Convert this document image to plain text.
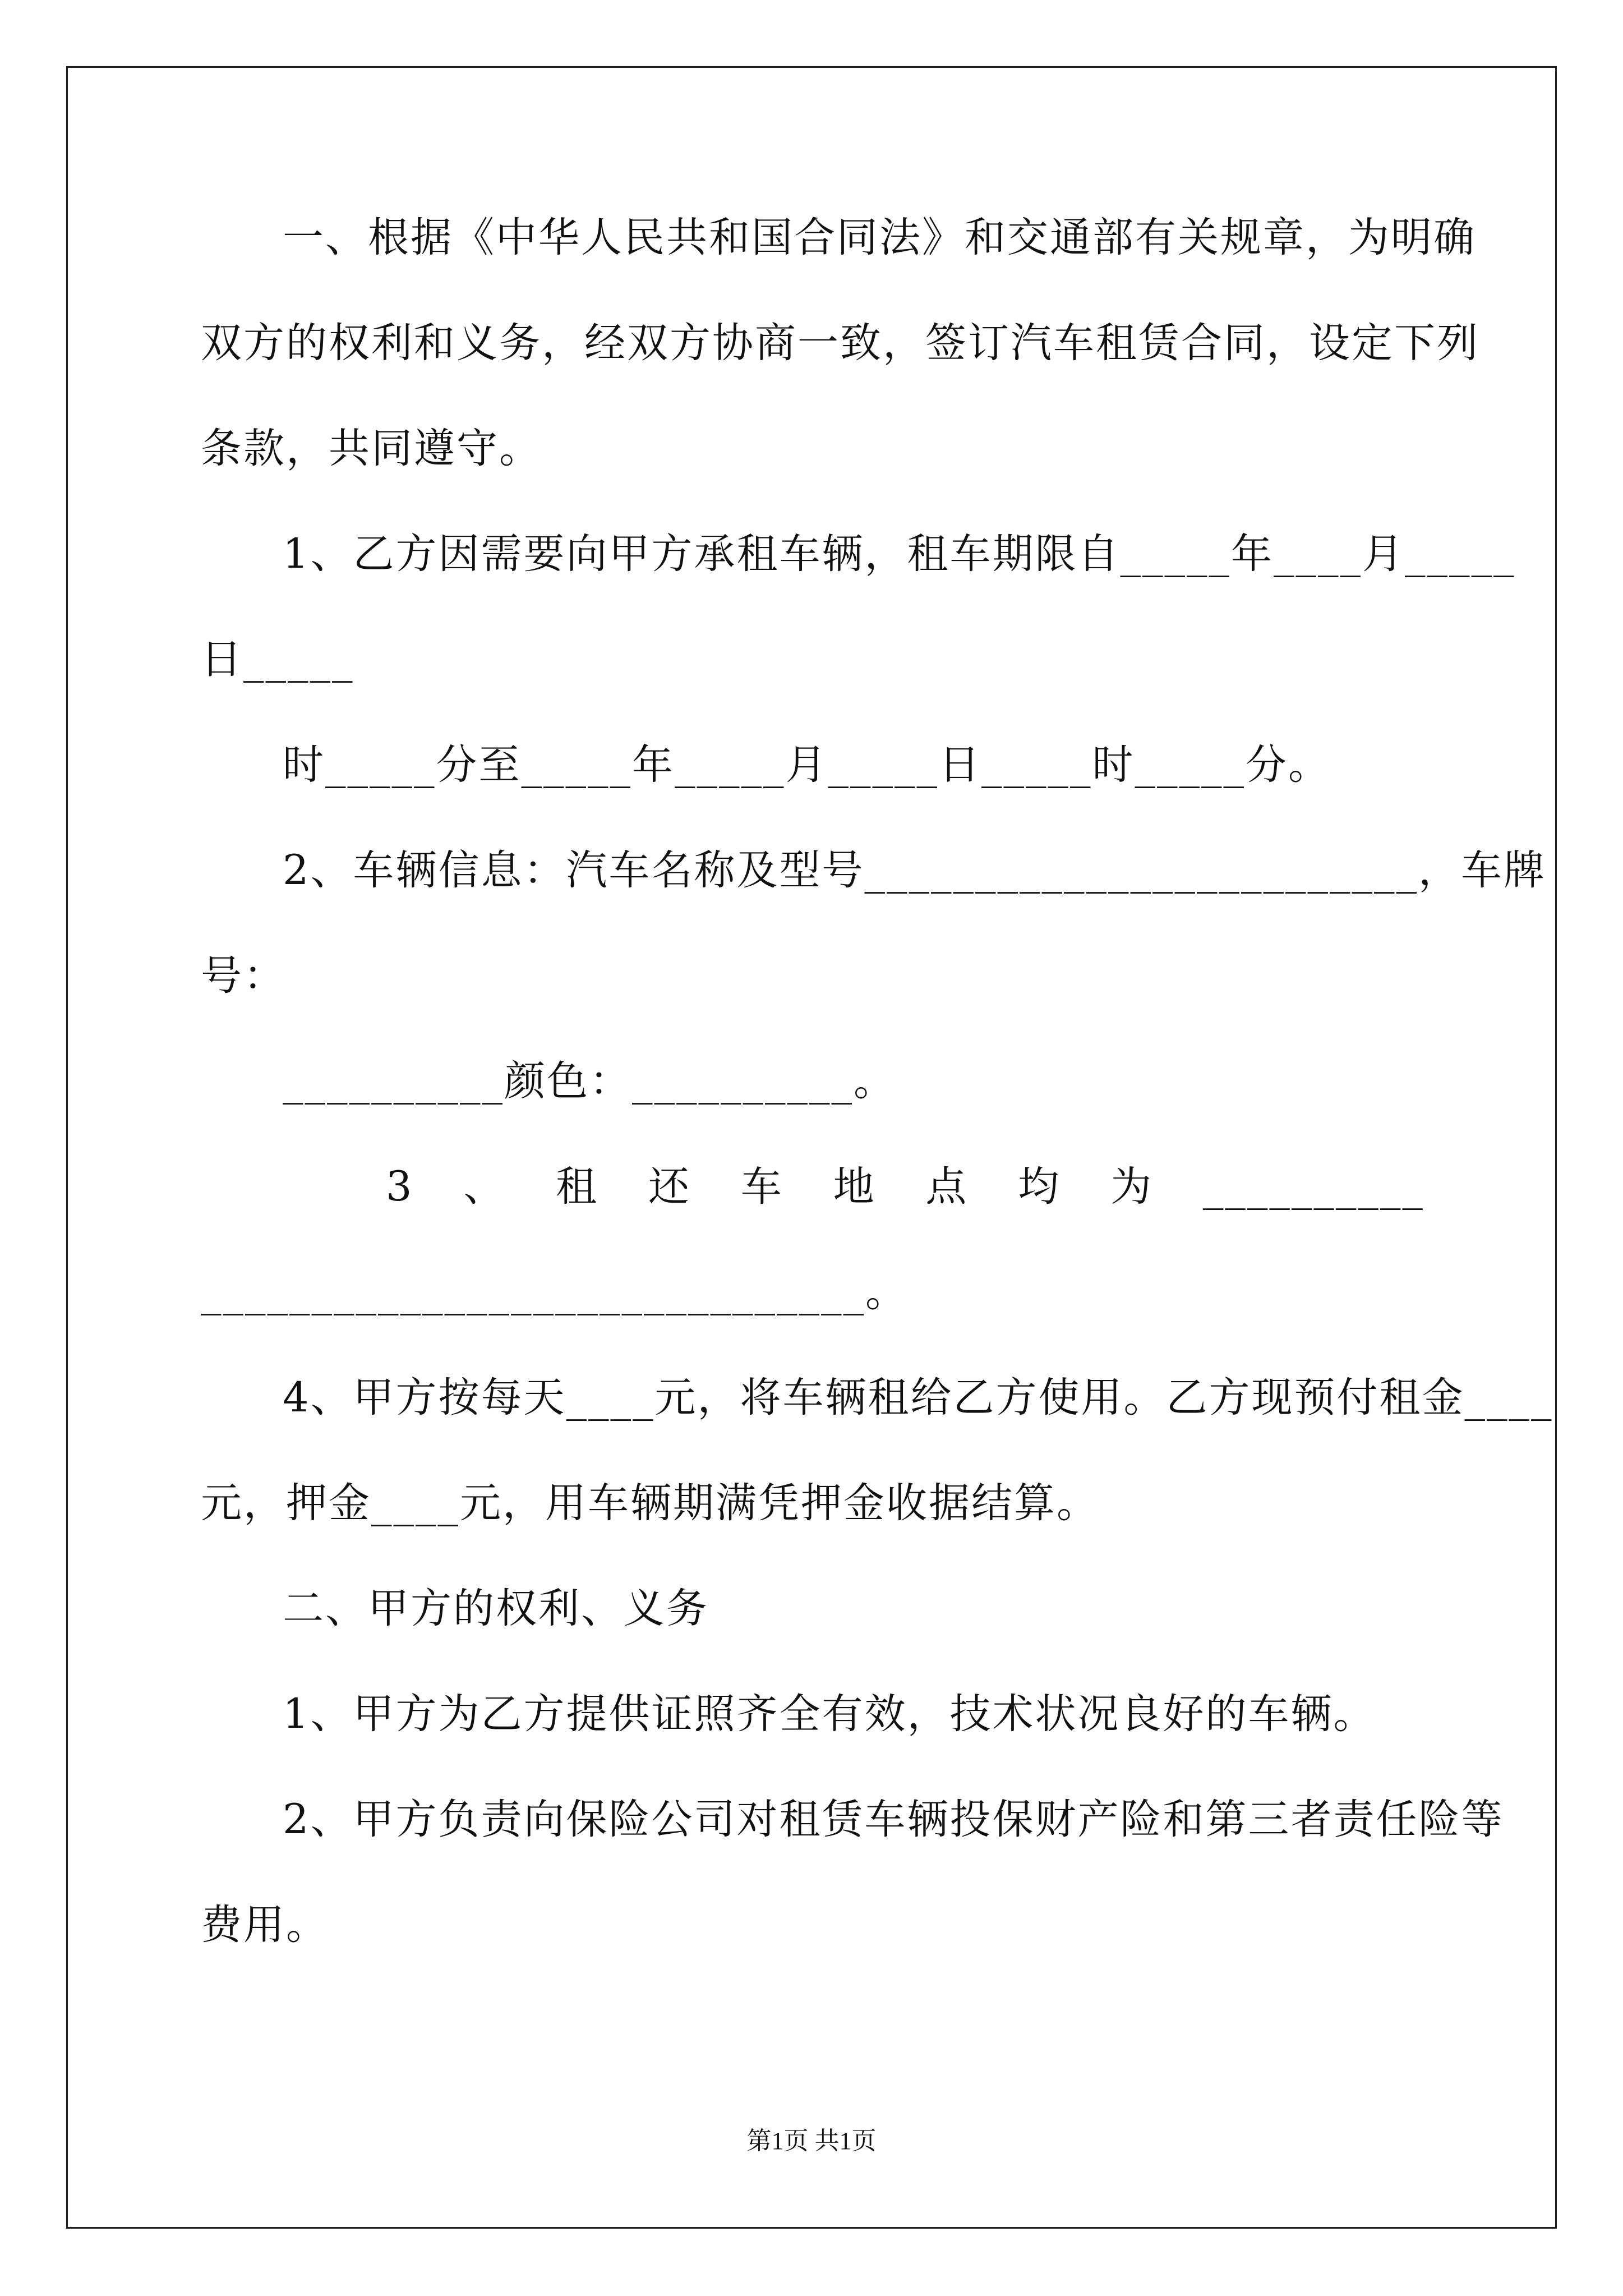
一、根据《中华人民共和国合同法》和交通部有关规章，为明确

双方的权利和义务，经双方协商一致，签订汽车租赁合同，设定下列

条款，共同遵守。

1、乙方因需要向甲方承租车辆，租车期限自_____年____月_____

日_____

时_____分至_____年_____月_____日_____时_____分。

2、车辆信息：汽车名称及型号_________________________，车牌

号：

__________颜色：__________。

3 、 租 还 车 地 点 均 为 __________

______________________________。

4、甲方按每天____元，将车辆租给乙方使用。乙方现预付租金____

元，押金____元，用车辆期满凭押金收据结算。

二、甲方的权利、义务

1、甲方为乙方提供证照齐全有效，技术状况良好的车辆。

2、甲方负责向保险公司对租赁车辆投保财产险和第三者责任险等

费用。

第1页 共1页
